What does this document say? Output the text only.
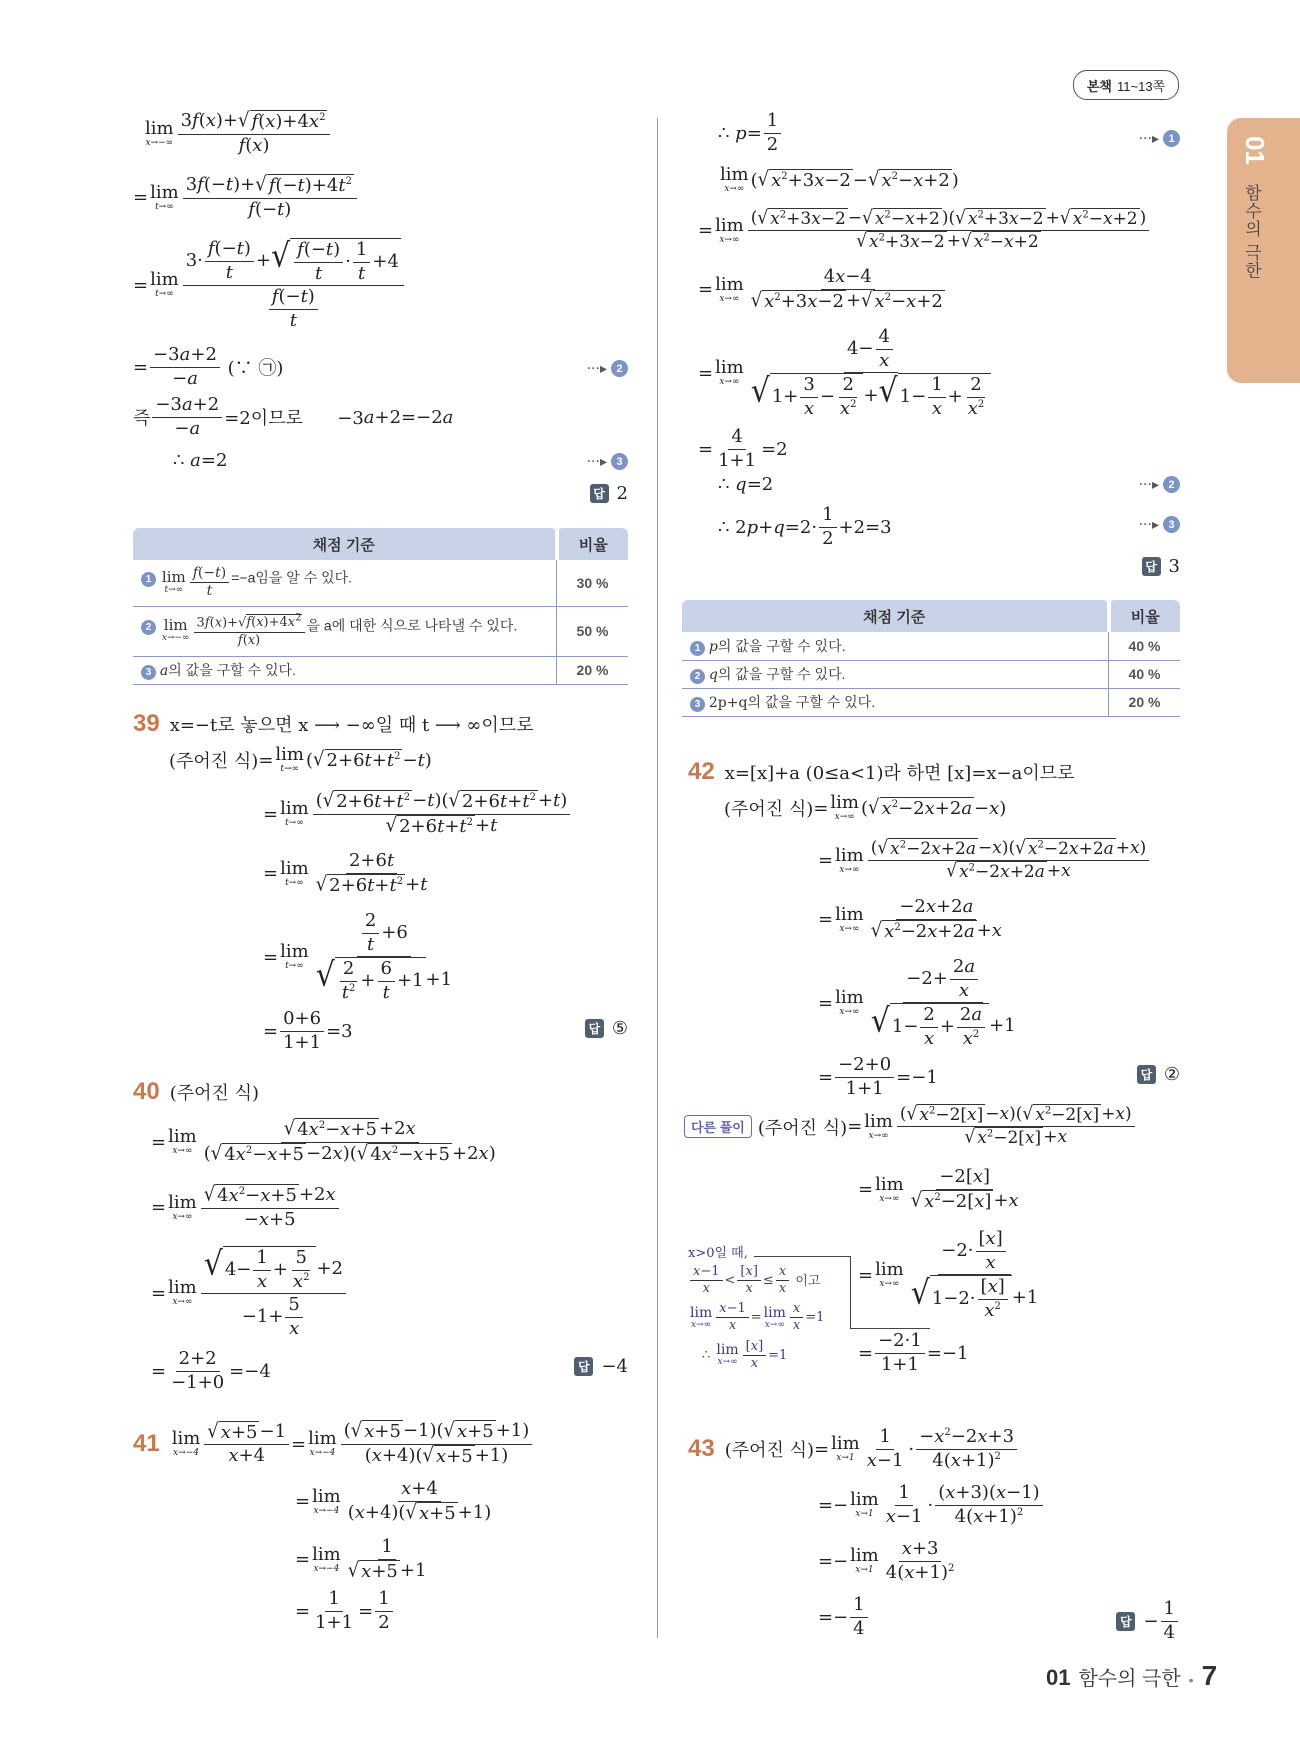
본책 11~13쪽
01
함수의 극한
lim
$x\to-\infty \frac{3f(x)+ √ f(x)+4x^2}{f(x)}$
= lim
$t\to\infty \frac{3f(-t)+ √ f(-t)+4t^2}{f(-t)}$
= lim
$t\to\infty \frac{3\cdot \frac{f(-t)}{t} + √ \frac{f(-t)}{t} \cdot \frac{1}{t} +4}{\frac{f(-t)}{t}}$
= $\frac{-3a+2}{-a}$ (∵ ㉠)	···▸ 2
즉 $\frac{-3a+2}{-a} =2$이므로      −3 a +2=−2 a
∴ a =2	···▸ 3
답 2
채점 기준	비율
1 lim
$t\to\infty \frac{f(-t)}{t} =-a$임을 알 수 있다.	30 %
2 lim
$x\to-\infty \frac{3f(x)+√f(x)+4x^2}{f(x)}$ 을 a에 대한 식으로 나타낼 수 있다.	50 %
3 a의 값을 구할 수 있다.	20 %
39 x=−t로 놓으면 x ⟶ −∞일 때 t ⟶ ∞이므로
(주어진 식) = lim
t→∞ ( √ $2+6t+t^2 - t$ )
= lim
$t\to\infty \frac{( √ 2+6t+t^2 -t)( √ 2+6t+t^2 +t)}{√ 2+6t+t^2 +t}$
= lim
$t\to\infty \frac{2+6t}{√ 2+6t+t^2 +t}$
= lim
$t\to\infty \frac{\frac{2}{t} +6}{√ \frac{2}{t^2} + \frac{6}{t} +1 +1}$
= $\frac{0+6}{1+1} =3$	답 ⑤
40 (주어진 식)
= lim
$x\to\infty \frac{√ 4x^2-x+5 +2x}{( √ 4x^2-x+5 -2x)( √ 4x^2-x+5 +2x)}$
= lim
$x\to\infty \frac{√ 4x^2-x+5 +2x}{-x+5}$
= lim
$x\to\infty \frac{√ 4- \frac{1}{x} + \frac{5}{x^2} +2}{-1+ \frac{5}{x}}$
= $\frac{2+2}{-1+0} =-4$	답 −4
41 lim
$x\to-4 \frac{√ x+5 -1}{x+4} = \lim$
$x\to-4 \frac{( √ x+5 -1)( √ x+5 +1)}{(x+4)( √ x+5 +1)}$
= lim
$x\to-4 \frac{x+4}{(x+4)( √ x+5 +1)}$
= lim
$x\to-4 \frac{1}{√ x+5 +1}$
= $\frac{1}{1+1} = \frac{1}{2}$
∴ $p = \frac{1}{2}$	···▸ 1
lim
x→∞ ( √ $x^2+3x-2$ − √ $x^2-x+2$ )
= lim
$x\to\infty \frac{( √ x^2+3x-2 - √ x^2-x+2 )( √ x^2+3x-2 + √ x^2-x+2 )}{√ x^2+3x-2 + √ x^2-x+2}$
= lim
$x\to\infty \frac{4x-4}{√ x^2+3x-2 + √ x^2-x+2}$
= lim
$x\to\infty \frac{4- \frac{4}{x}}{√ 1+ \frac{3}{x} - \frac{2}{x^2} + √ 1- \frac{1}{x} + \frac{2}{x^2}}$
= $\frac{4}{1+1} =2$
∴ q =2	···▸ 2
∴ 2 $p + q =2\cdot \frac{1}{2} +2=3$	···▸ 3
답 3
채점 기준	비율
1 p의 값을 구할 수 있다.	40 %
2 q의 값을 구할 수 있다.	40 %
3 2p+q의 값을 구할 수 있다.	20 %
42 x=[x]+a (0≤a<1)라 하면 [x]=x−a이므로
(주어진 식) = lim
x→∞ ( √ $x^2-2x+2a - x$ )
= lim
$x\to\infty \frac{( √ x^2-2x+2a -x)( √ x^2-2x+2a +x)}{√ x^2-2x+2a +x}$
= lim
$x\to\infty \frac{-2x+2a}{√ x^2-2x+2a +x}$
= lim
$x\to\infty \frac{-2+ \frac{2a}{x}}{√ 1- \frac{2}{x} + \frac{2a}{x^2} +1}$
= $\frac{-2+0}{1+1} =-1$	답 ②
다른 풀이 (주어진 식) = lim
$x\to\infty \frac{( √ x^2-2[x] -x)( √ x^2-2[x] +x)}{√ x^2-2[x] +x}$
= lim
$x\to\infty \frac{-2[x]}{√ x^2-2[x] +x}$
= lim
$x\to\infty \frac{-2\cdot \frac{[x]}{x}}{√ 1-2\cdot \frac{[x]}{x^2} +1}$
= $\frac{-2\cdot 1}{1+1} =-1$
x>0일 때,
$\frac{x-1}{x} < \frac{[x]}{x} \le \frac{x}{x}$
이고
lim
$x\to\infty \frac{x-1}{x} = \lim$
$x\to\infty \frac{x}{x} =1$
∴ lim
$x\to\infty \frac{[x]}{x} =1$
43 (주어진 식) = lim
$x\to 1 \frac{1}{x-1} \cdot \frac{-x^2-2x+3}{4(x+1)^2}$
=− lim
$x\to 1 \frac{1}{x-1} \cdot \frac{(x+3)(x-1)}{4(x+1)^2}$
=− lim
$x\to 1 \frac{x+3}{4(x+1)^2}$
=− $\frac{1}{4}$	답 − $\frac{1}{4}$
01 함수의 극한 • 7
